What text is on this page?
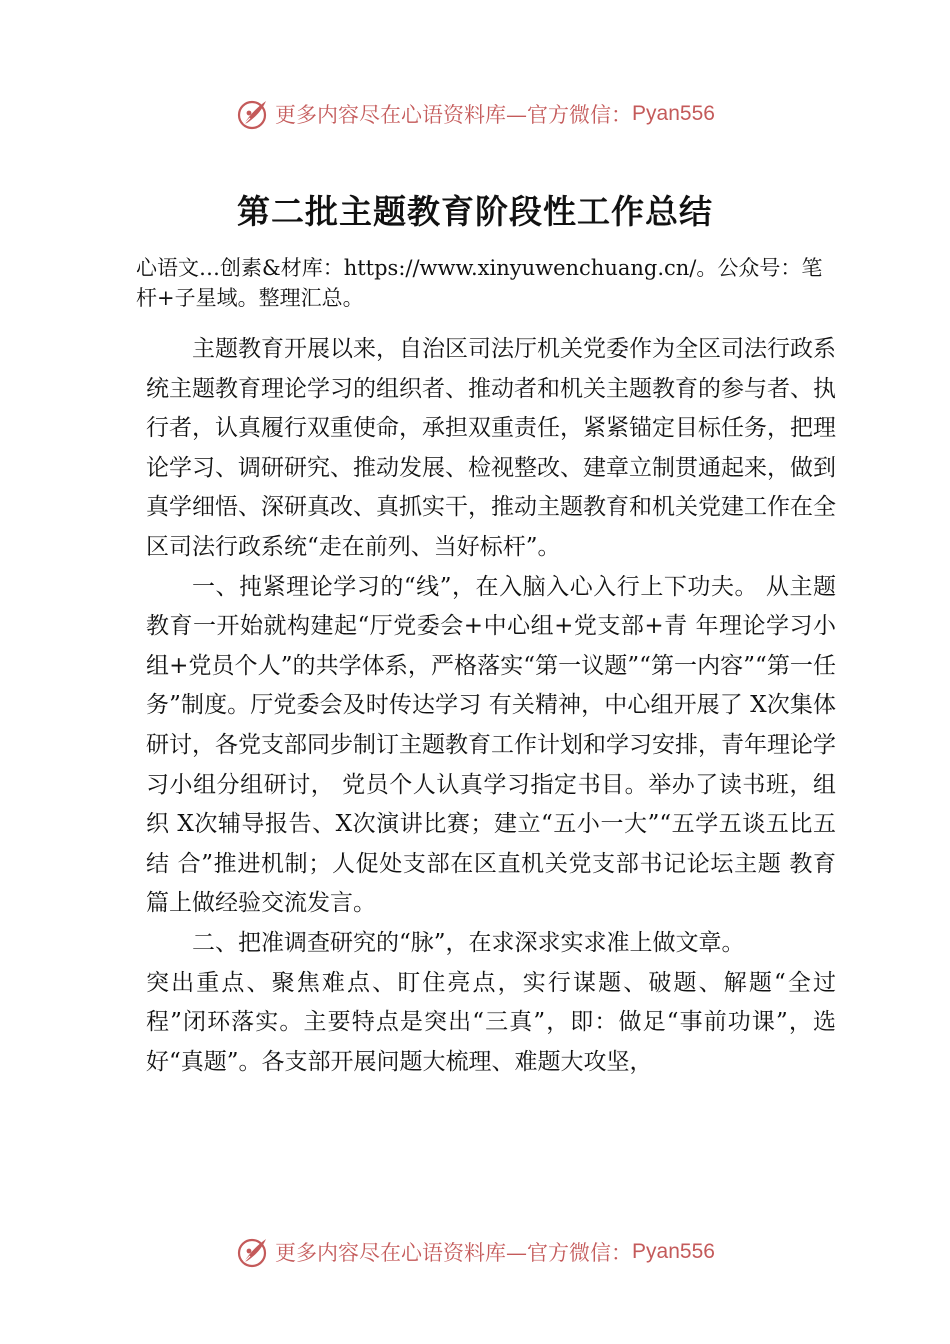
更多内容尽在心语资料库—官方微信： Pyan556
第二批主题教育阶段性工作总结
心语文…创素&材库：https://www.xinyuwenchuang.cn/。公众号：笔杆+子星域。整理汇总。

主题教育开展以来，自治区司法厅机关党委作为全区司法行政系统主题教育理论学习的组织者、推动者和机关主题教育的参与者、执行者，认真履行双重使命，承担双重责任，紧紧锚定目标任务，把理论学习、调研研究、推动发展、检视整改、建章立制贯通起来，做到真学细悟、深研真改、真抓实干，推动主题教育和机关党建工作在全区司法行政系统“走在前列、当好标杆”。

一、扽紧理论学习的“线”，在入脑入心入行上下功夫。 从主题教育一开始就构建起“厅党委会+中心组+党支部+青 年理论学习小组+党员个人”的共学体系，严格落实“第一议题”“第一内容”“第一任务”制度。厅党委会及时传达学习 有关精神，中心组开展了 X次集体研讨，各党支部同步制订主题教育工作计划和学习安排，青年理论学习小组分组研讨， 党员个人认真学习指定书目。举办了读书班，组织 X次辅导报告、X次演讲比赛；建立“五小一大”“五学五谈五比五结 合”推进机制；人促处支部在区直机关党支部书记论坛主题 教育篇上做经验交流发言。

二、把准调查研究的“脉”，在求深求实求准上做文章。

突出重点、聚焦难点、盯住亮点，实行谋题、破题、解题“全过程”闭环落实。主要特点是突出“三真”，即：做足“事前功课”，选好“真题”。各支部开展问题大梳理、难题大攻坚，

更多内容尽在心语资料库—官方微信： Pyan556
